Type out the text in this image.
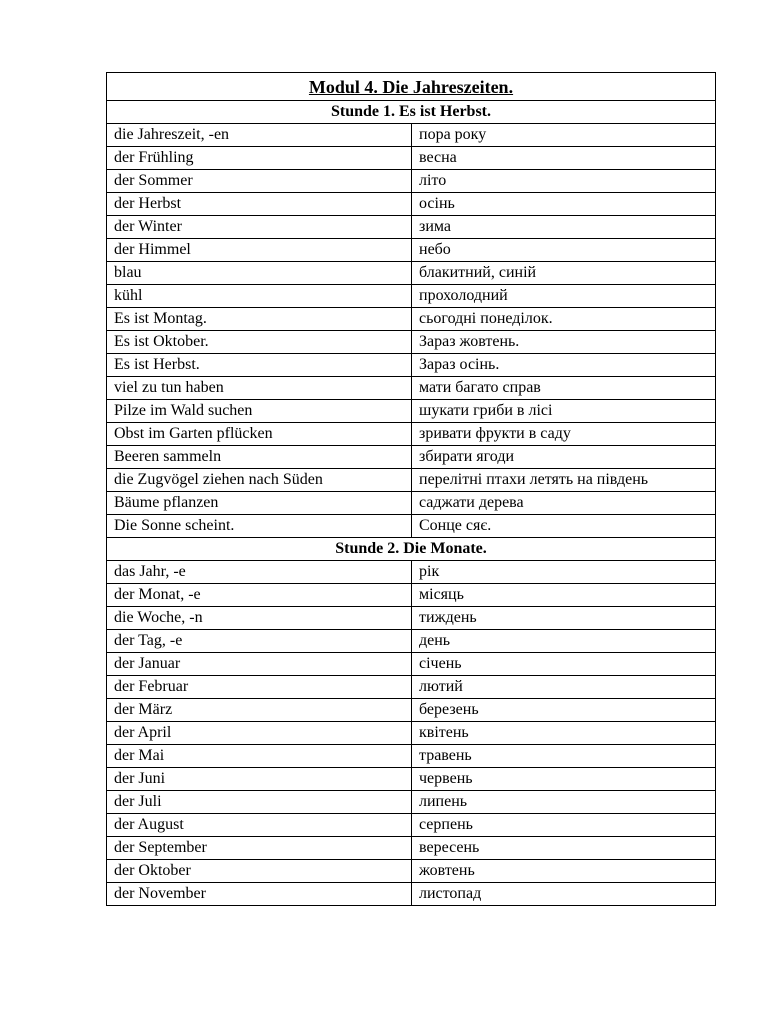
Modul 4. Die Jahreszeiten.	
Stunde 1. Es ist Herbst.	
die Jahreszeit, -en	пора року
der Frühling	весна
der Sommer	літо
der Herbst	осінь
der Winter	зима
der Himmel	небо
blau	блакитний, синій
kühl	прохолодний
Es ist Montag.	сьогодні понеділок.
Es ist Oktober.	Зараз жовтень.
Es ist Herbst.	Зараз осінь.
viel zu tun haben	мати багато справ
Pilze im Wald suchen	шукати гриби в лісі
Obst im Garten pflücken	зривати фрукти в саду
Beeren sammeln	збирати ягоди
die Zugvögel ziehen nach Süden	перелітні птахи летять на південь
Bäume pflanzen	саджати дерева
Die Sonne scheint.	Сонце сяє.
Stunde 2. Die Monate.	
das Jahr, -e	рік
der Monat, -e	місяць
die Woche, -n	тиждень
der Tag, -e	день
der Januar	січень
der Februar	лютий
der März	березень
der April	квітень
der Mai	травень
der Juni	червень
der Juli	липень
der August	серпень
der September	вересень
der Oktober	жовтень
der November	листопад
